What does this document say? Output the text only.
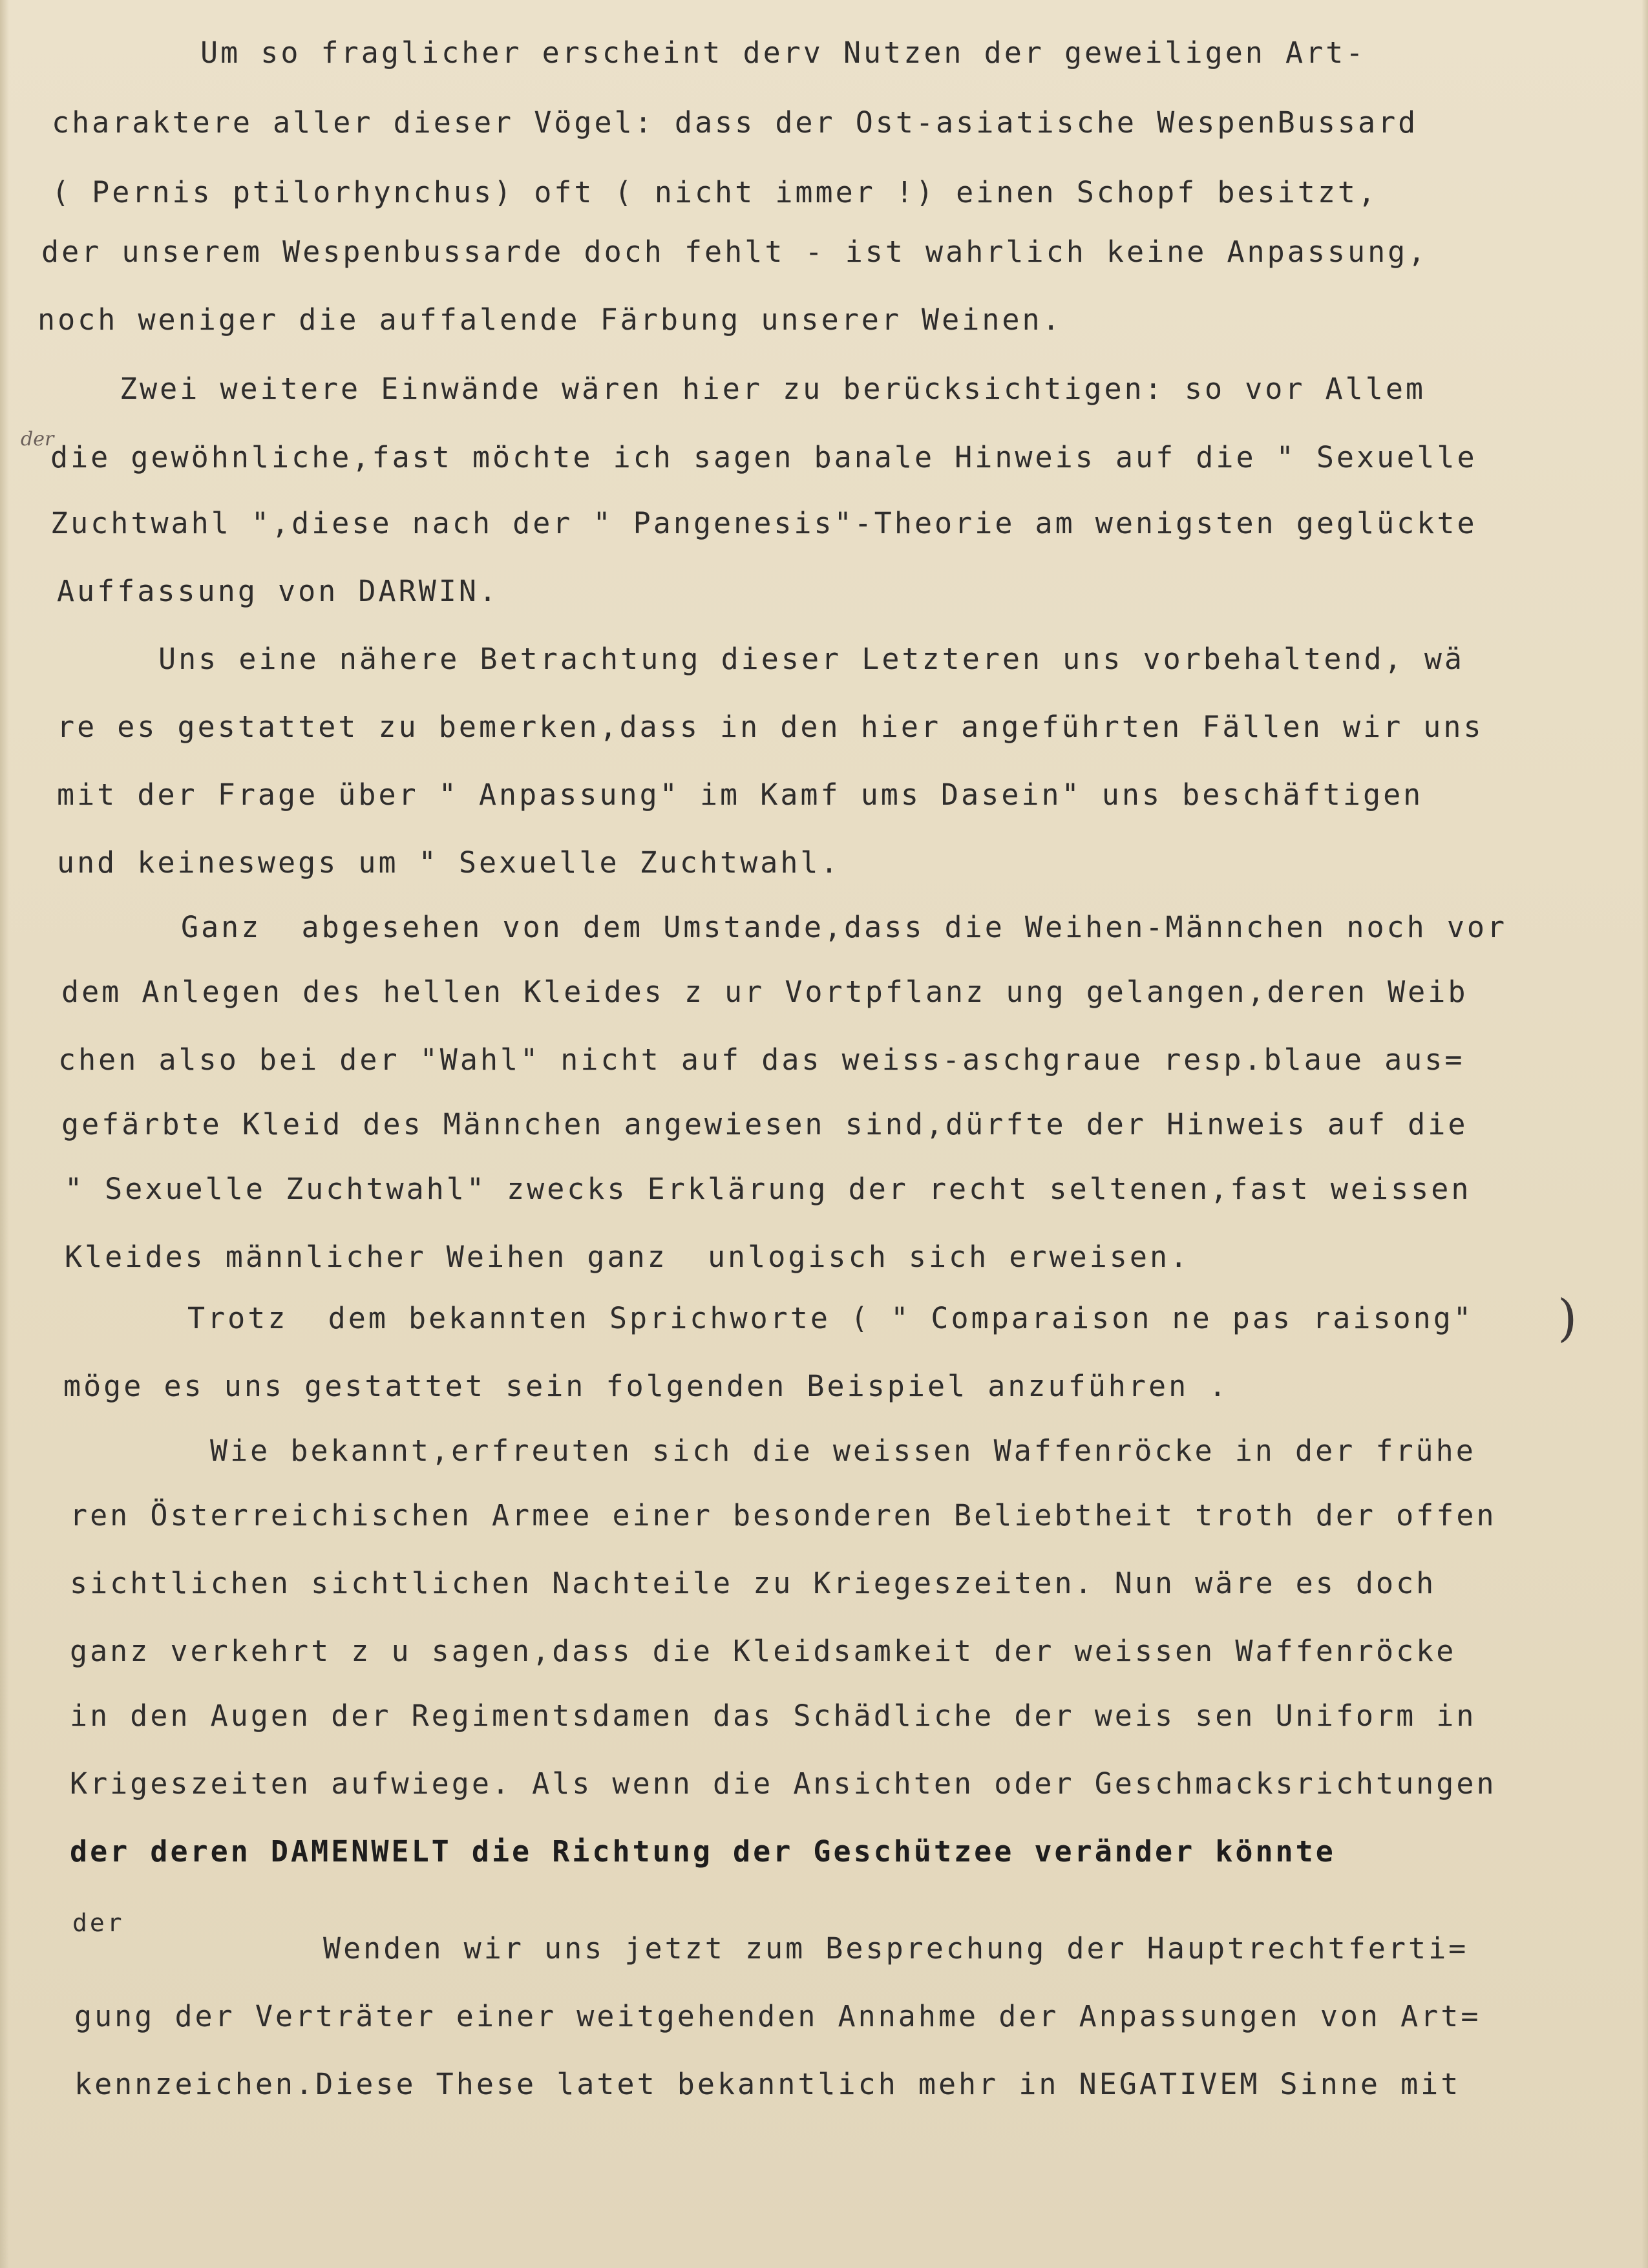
Um so fraglicher erscheint derv Nutzen der geweiligen Art-
charaktere aller dieser Vögel: dass der Ost-asiatische WespenBussard
( Pernis ptilorhynchus) oft ( nicht immer !) einen Schopf besitzt,
der unserem Wespenbussarde doch fehlt - ist wahrlich keine Anpassung,
noch weniger die auffalende Färbung unserer Weinen.
Zwei weitere Einwände wären hier zu berücksichtigen: so vor Allem
der
die gewöhnliche,fast möchte ich sagen banale Hinweis auf die " Sexuelle
Zuchtwahl ",diese nach der " Pangenesis"-Theorie am wenigsten geglückte
Auffassung von DARWIN.
Uns eine nähere Betrachtung dieser Letzteren uns vorbehaltend, wä
re es gestattet zu bemerken,dass in den hier angeführten Fällen wir uns
mit der Frage über " Anpassung" im Kamf ums Dasein" uns beschäftigen
und keineswegs um " Sexuelle Zuchtwahl.
Ganz  abgesehen von dem Umstande,dass die Weihen-Männchen noch vor
dem Anlegen des hellen Kleides z ur Vortpflanz ung gelangen,deren Weib
chen also bei der "Wahl" nicht auf das weiss-aschgraue resp.blaue aus=
gefärbte Kleid des Männchen angewiesen sind,dürfte der Hinweis auf die
" Sexuelle Zuchtwahl" zwecks Erklärung der recht seltenen,fast weissen
Kleides männlicher Weihen ganz  unlogisch sich erweisen.
Trotz  dem bekannten Sprichworte ( " Comparaison ne pas raisong" )
möge es uns gestattet sein folgenden Beispiel anzuführen .
Wie bekannt,erfreuten sich die weissen Waffenröcke in der frühe
ren Österreichischen Armee einer besonderen Beliebtheit troth der offen
sichtlichen sichtlichen Nachteile zu Kriegeszeiten. Nun wäre es doch
ganz verkehrt z u sagen,dass die Kleidsamkeit der weissen Waffenröcke
in den Augen der Regimentsdamen das Schädliche der weis sen Uniform in
Krigeszeiten aufwiege. Als wenn die Ansichten oder Geschmacksrichtungen
der deren DAMENWELT die Richtung der Geschützee veränder könnte
der
Wenden wir uns jetzt zum Besprechung der Hauptrechtferti=
gung der Verträter einer weitgehenden Annahme der Anpassungen von Art=
kennzeichen.Diese These latet bekanntlich mehr in NEGATIVEM Sinne mit
